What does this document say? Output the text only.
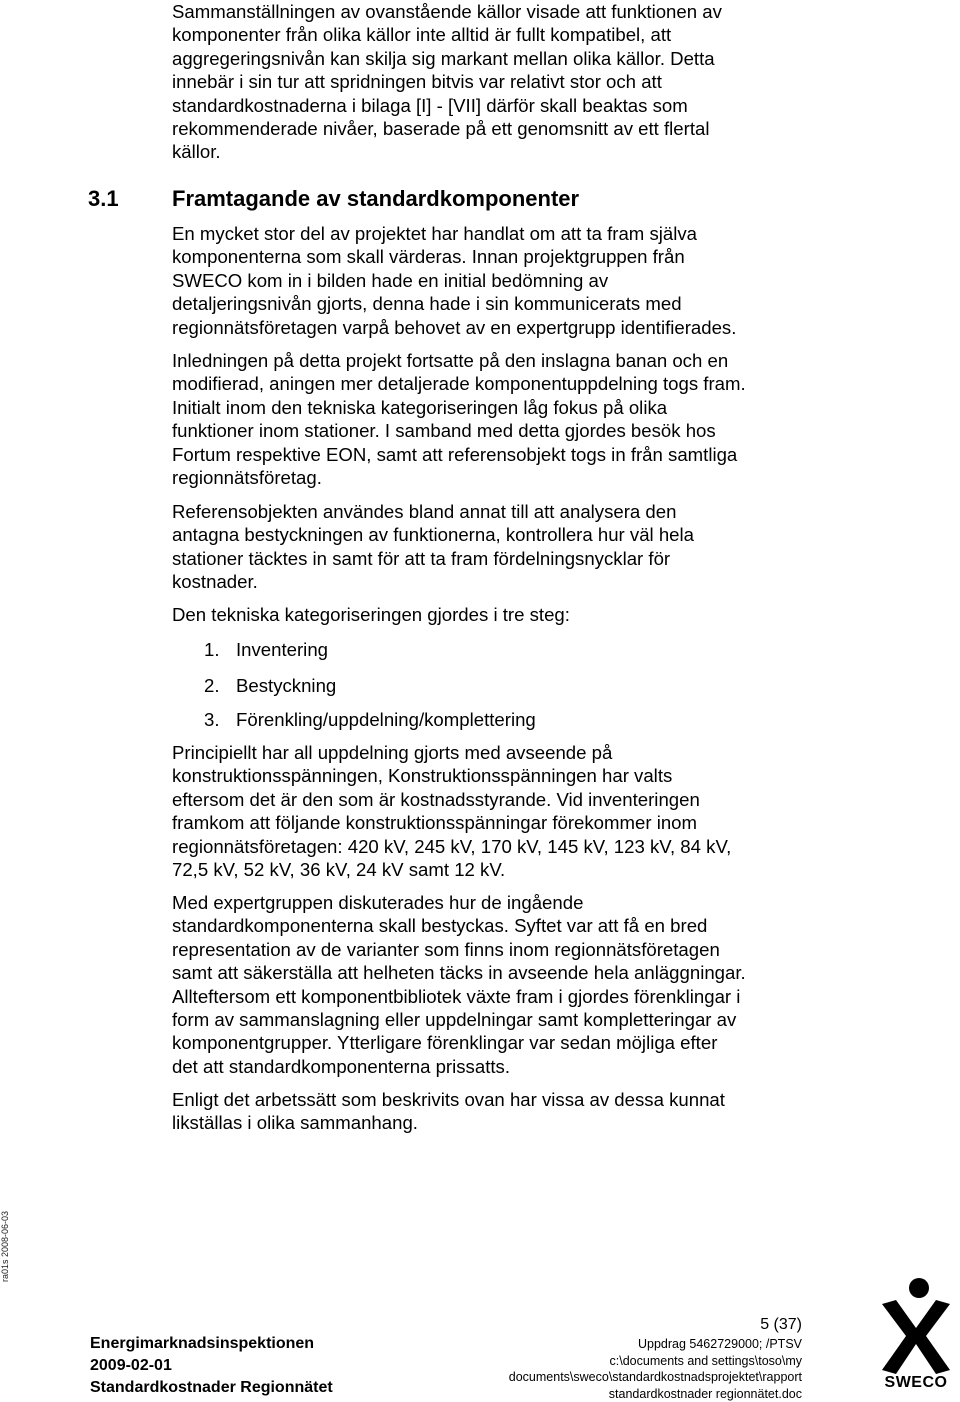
Sammanställningen av ovanstående källor visade att funktionen av
komponenter från olika källor inte alltid är fullt kompatibel, att
aggregeringsnivån kan skilja sig markant mellan olika källor. Detta
innebär i sin tur att spridningen bitvis var relativt stor och att
standardkostnaderna i bilaga [I] - [VII] därför skall beaktas som
rekommenderade nivåer, baserade på ett genomsnitt av ett flertal
källor.
3.1 Framtagande av standardkomponenter
En mycket stor del av projektet har handlat om att ta fram själva
komponenterna som skall värderas. Innan projektgruppen från
SWECO kom in i bilden hade en initial bedömning av
detaljeringsnivån gjorts, denna hade i sin kommunicerats med
regionnätsföretagen varpå behovet av en expertgrupp identifierades.
Inledningen på detta projekt fortsatte på den inslagna banan och en
modifierad, aningen mer detaljerade komponentuppdelning togs fram.
Initialt inom den tekniska kategoriseringen låg fokus på olika
funktioner inom stationer. I samband med detta gjordes besök hos
Fortum respektive EON, samt att referensobjekt togs in från samtliga
regionnätsföretag.
Referensobjekten användes bland annat till att analysera den
antagna bestyckningen av funktionerna, kontrollera hur väl hela
stationer täcktes in samt för att ta fram fördelningsnycklar för
kostnader.
Den tekniska kategoriseringen gjordes i tre steg:
1. Inventering
2. Bestyckning
3. Förenkling/uppdelning/komplettering
Principiellt har all uppdelning gjorts med avseende på
konstruktionsspänningen, Konstruktionsspänningen har valts
eftersom det är den som är kostnadsstyrande. Vid inventeringen
framkom att följande konstruktionsspänningar förekommer inom
regionnätsföretagen: 420 kV, 245 kV, 170 kV, 145 kV, 123 kV, 84 kV,
72,5 kV, 52 kV, 36 kV, 24 kV samt 12 kV.
Med expertgruppen diskuterades hur de ingående
standardkomponenterna skall bestyckas. Syftet var att få en bred
representation av de varianter som finns inom regionnätsföretagen
samt att säkerställa att helheten täcks in avseende hela anläggningar.
Allteftersom ett komponentbibliotek växte fram i gjordes förenklingar i
form av sammanslagning eller uppdelningar samt kompletteringar av
komponentgrupper. Ytterligare förenklingar var sedan möjliga efter
det att standardkomponenterna prissatts.
Enligt det arbetssätt som beskrivits ovan har vissa av dessa kunnat
likställas i olika sammanhang.
ra01s 2008-06-03
5 (37)
Energimarknadsinspektionen
2009-02-01
Standardkostnader Regionnätet
Uppdrag 5462729000; /PTSV
c:\documents and settings\toso\my
documents\sweco\standardkostnadsprojektet\rapport
standardkostnader regionnätet.doc
SWECO
